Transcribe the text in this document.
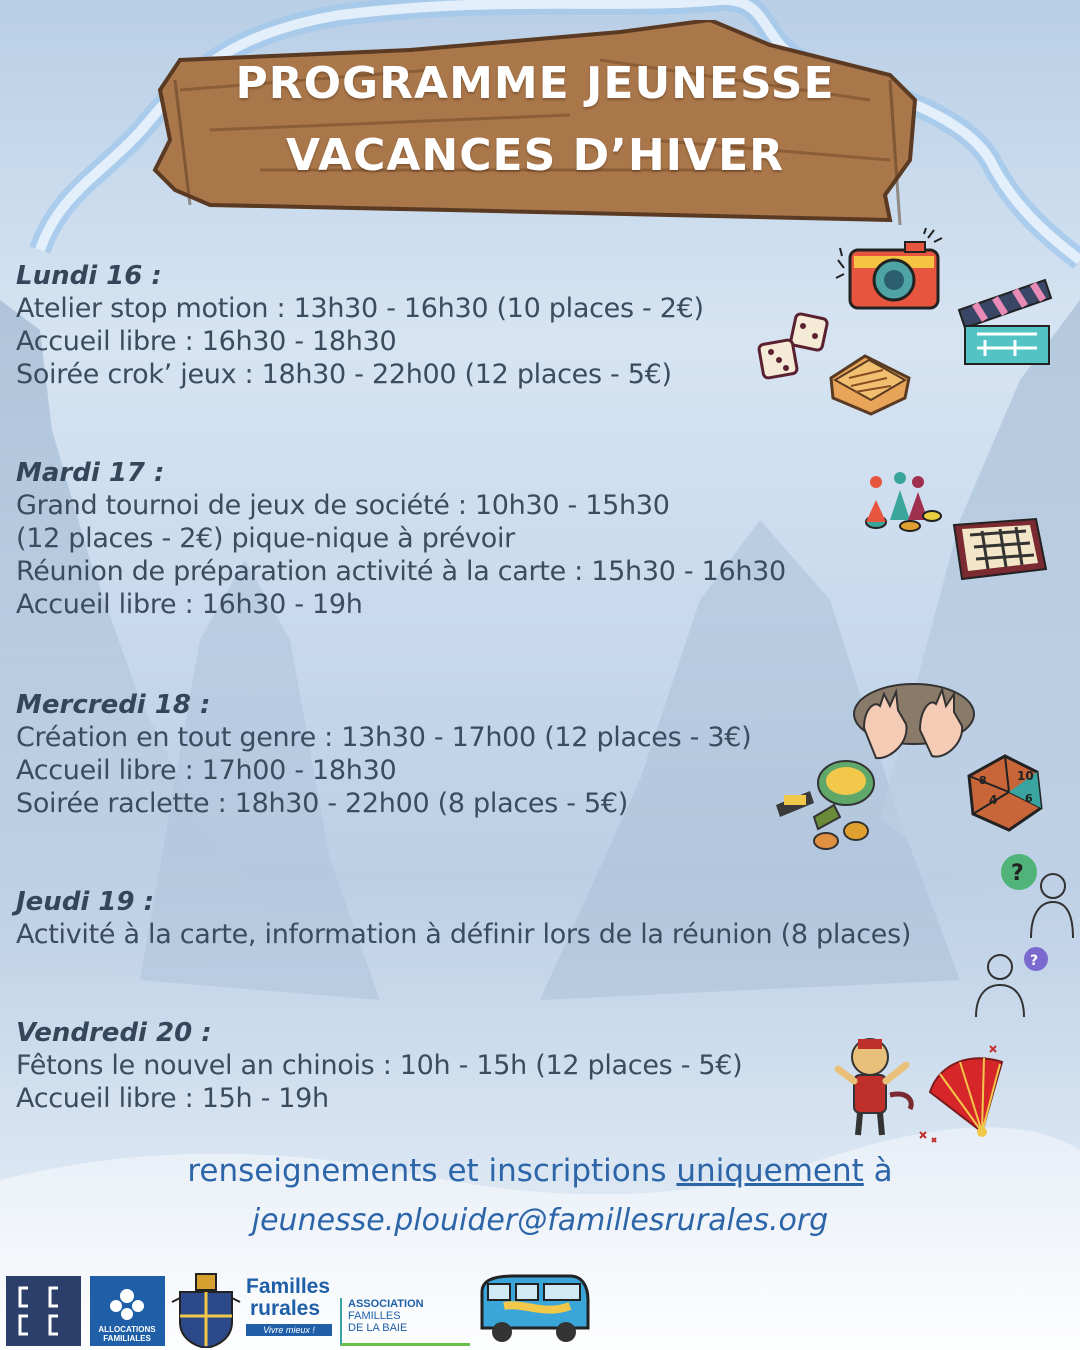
PROGRAMME JEUNESSE
VACANCES D’HIVER
Lundi 16 :
Atelier stop motion : 13h30 - 16h30 (10 places - 2€)
Accueil libre : 16h30 - 18h30
Soirée crok’ jeux : 18h30 - 22h00 (12 places - 5€)
Mardi 17 :
Grand tournoi de jeux de société : 10h30 - 15h30
(12 places - 2€) pique-nique à prévoir
Réunion de préparation activité à la carte : 15h30 - 16h30
Accueil libre : 16h30 - 19h
Mercredi 18 :
Création en tout genre : 13h30 - 17h00 (12 places - 3€)
Accueil libre : 17h00 - 18h30
Soirée raclette : 18h30 - 22h00 (8 places - 5€)
Jeudi 19 :
Activité à la carte, information à définir lors de la réunion (8 places)
Vendredi 20 :
Fêtons le nouvel an chinois : 10h - 15h (12 places - 5€)
Accueil libre : 15h - 19h
10
4	6
8
?
?
renseignements et inscriptions uniquement à
jeunesse.plouider@famillesrurales.org
ALLOCATIONS
FAMILIALES
Familles
rurales
Vivre mieux !
ASSOCIATION
FAMILLES
DE LA BAIE
